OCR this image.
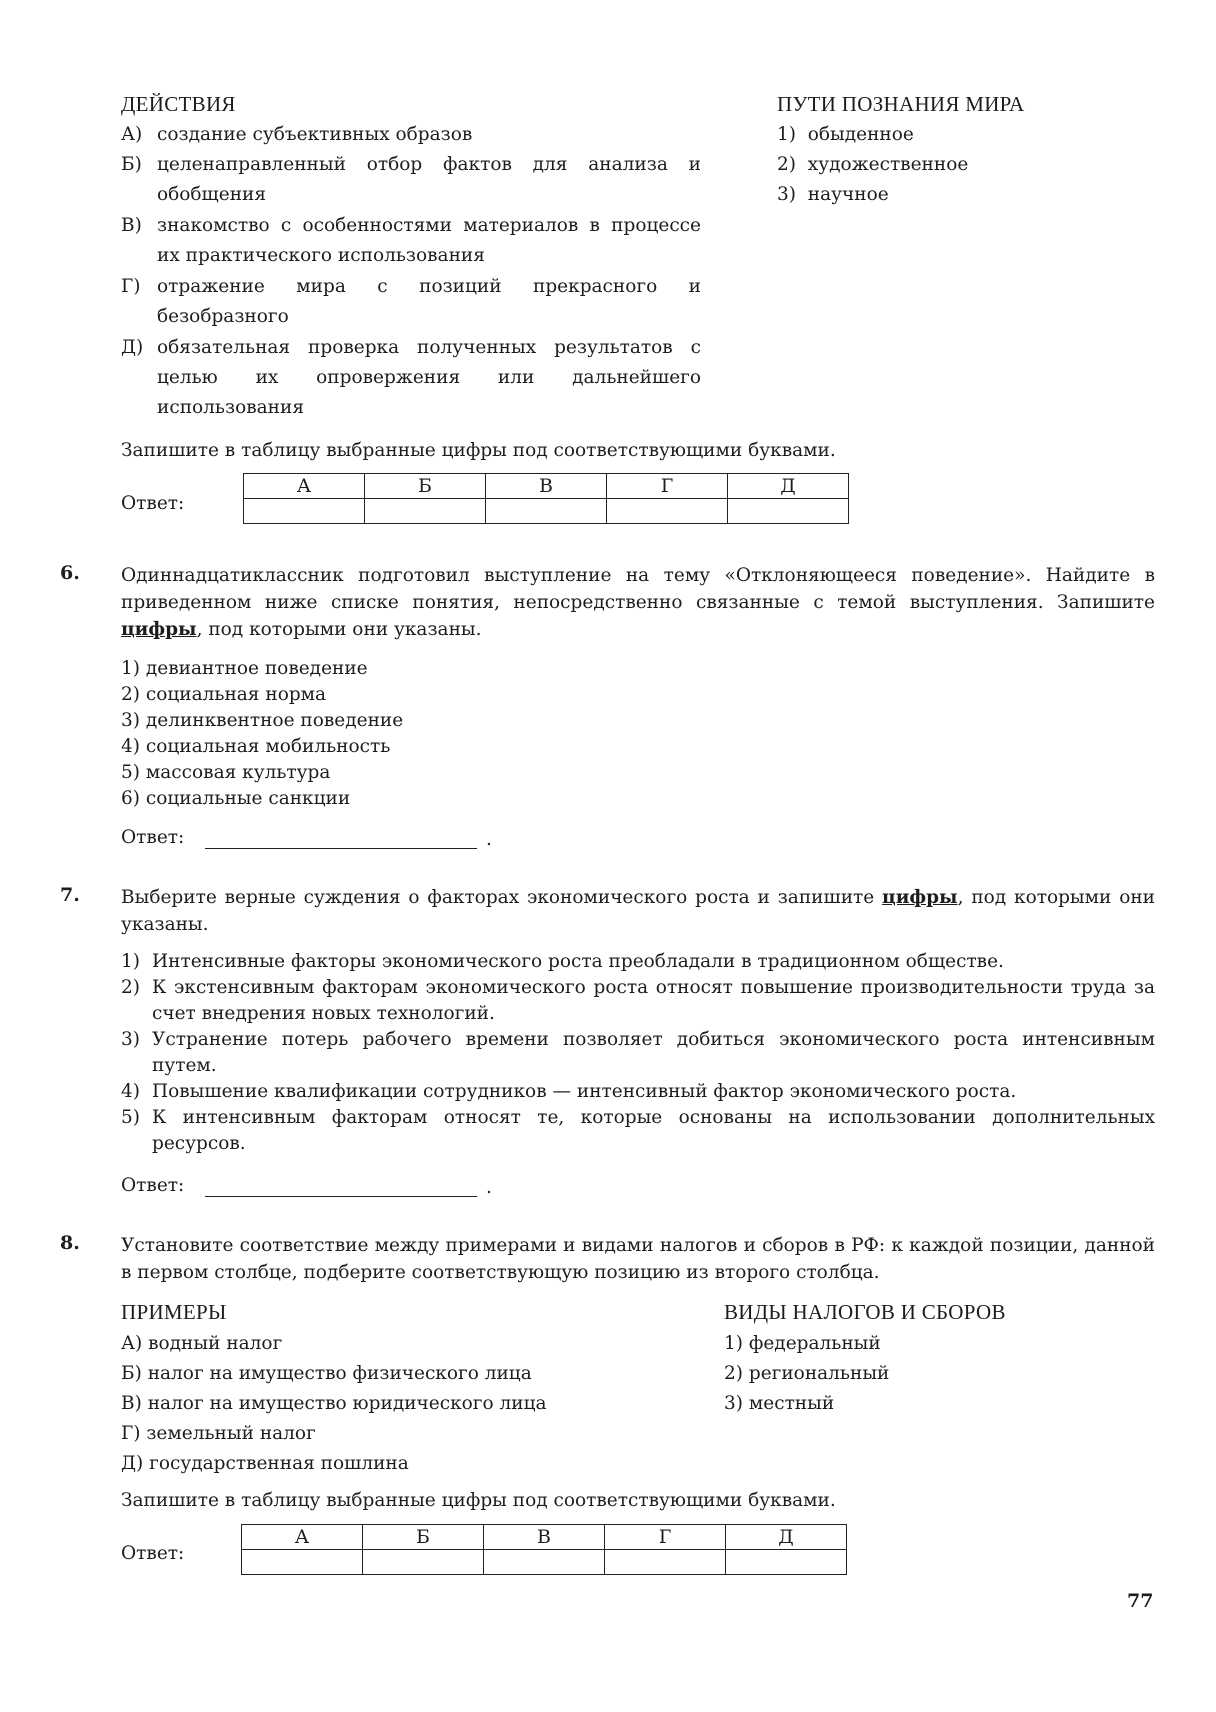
ДЕЙСТВИЯ	ПУТИ ПОЗНАНИЯ МИРА
А) создание субъективных образов
Б) целенаправленный отбор фактов для анализа и обобщения
В) знакомство с особенностями материалов в процессе их практического использования
Г) отражение мира с позиций прекрасного и безобразного
Д) обязательная проверка полученных результатов с целью их опровержения или дальнейшего использования
1) обыденное
2) художественное
3) научное
Запишите в таблицу выбранные цифры под соответствующими буквами.
Ответ:
А	Б	В	Г	Д

6. Одиннадцатиклассник подготовил выступление на тему «Отклоняющееся поведение». Найдите в приведенном ниже списке понятия, непосредственно связанные с темой выступления. Запишите цифры, под которыми они указаны.
1) девиантное поведение
2) социальная норма
3) делинквентное поведение
4) социальная мобильность
5) массовая культура
6) социальные санкции
Ответ:	.
7. Выберите верные суждения о факторах экономического роста и запишите цифры, под которыми они указаны.
1) Интенсивные факторы экономического роста преобладали в традиционном обществе.
2) К экстенсивным факторам экономического роста относят повышение производительности труда за счет внедрения новых технологий.
3) Устранение потерь рабочего времени позволяет добиться экономического роста интенсивным путем.
4) Повышение квалификации сотрудников — интенсивный фактор экономического роста.
5) К интенсивным факторам относят те, которые основаны на использовании дополнительных ресурсов.
Ответ:	.
8. Установите соответствие между примерами и видами налогов и сборов в РФ: к каждой позиции, данной в первом столбце, подберите соответствующую позицию из второго столбца.
ПРИМЕРЫ	ВИДЫ НАЛОГОВ И СБОРОВ
А) водный налог
Б) налог на имущество физического лица
В) налог на имущество юридического лица
Г) земельный налог
Д) государственная пошлина
1) федеральный
2) региональный
3) местный
Запишите в таблицу выбранные цифры под соответствующими буквами.
Ответ:
А	Б	В	Г	Д

77
